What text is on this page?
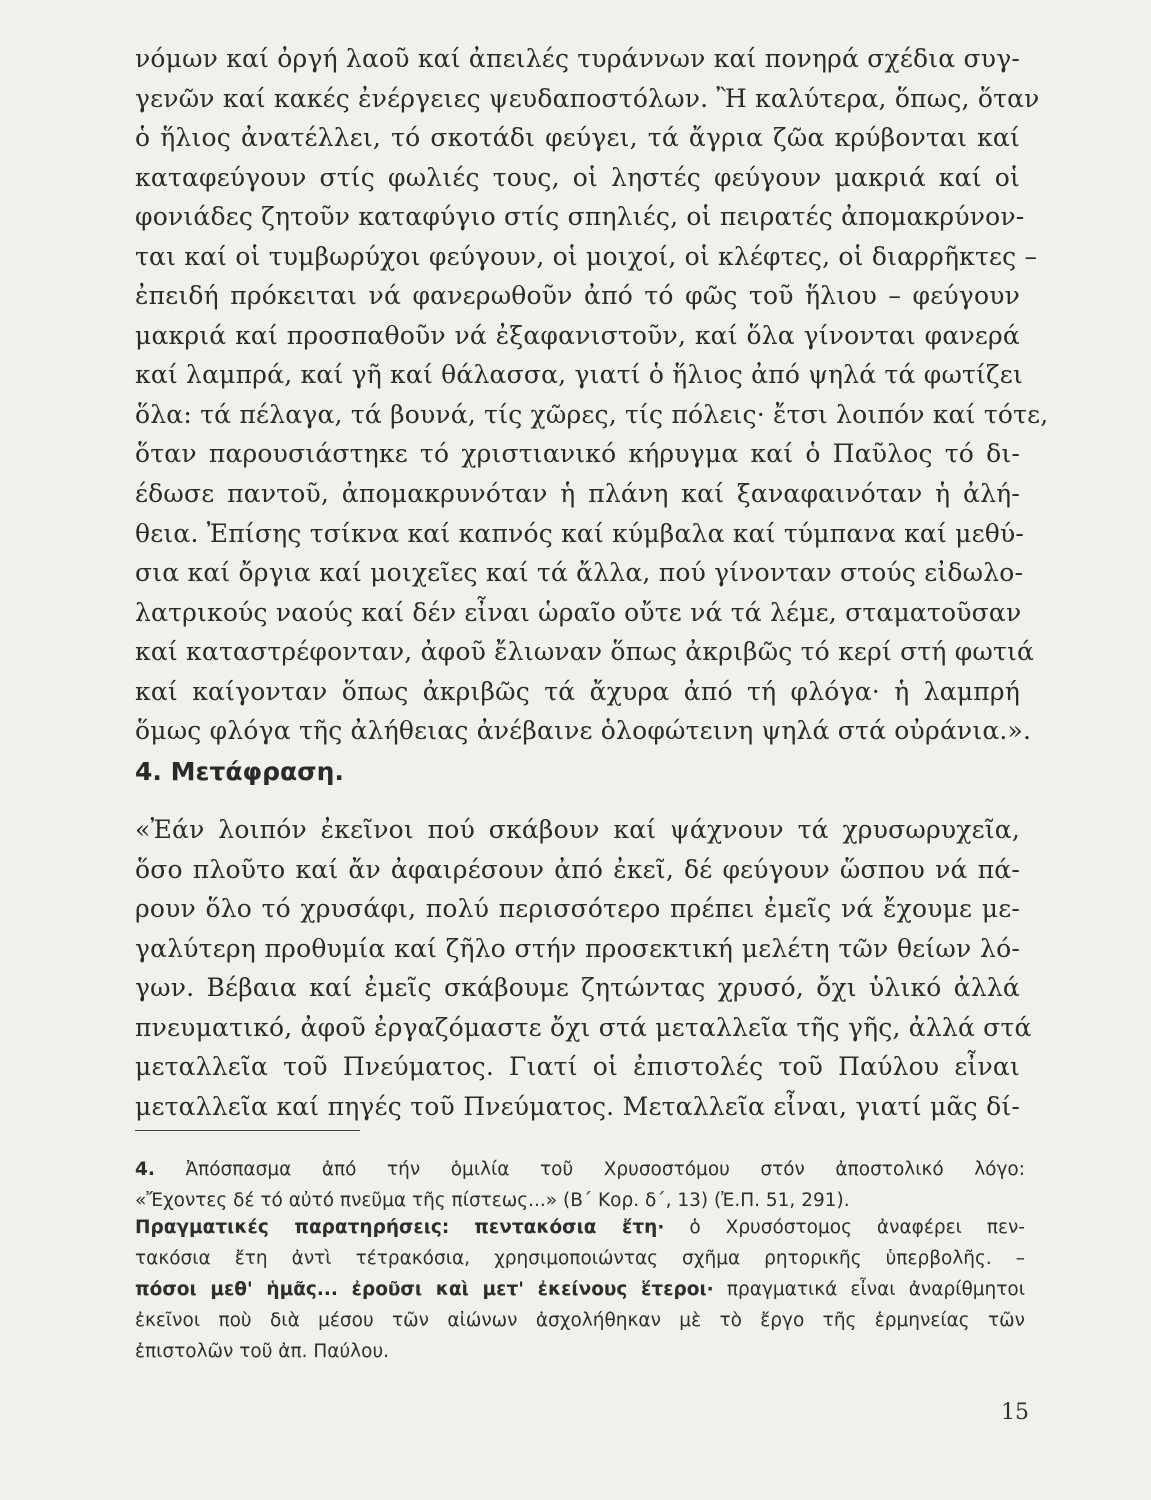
νόμων καί ὀργή λαοῦ καί ἀπειλές τυράννων καί πονηρά σχέδια συγ-
γενῶν καί κακές ἐνέργειες ψευδαποστόλων. Ἢ καλύτερα, ὅπως, ὅταν
ὁ ἥλιος ἀνατέλλει, τό σκοτάδι φεύγει, τά ἄγρια ζῶα κρύβονται καί
καταφεύγουν στίς φωλιές τους, οἱ ληστές φεύγουν μακριά καί οἱ
φονιάδες ζητοῦν καταφύγιο στίς σπηλιές, οἱ πειρατές ἀπομακρύνον-
ται καί οἱ τυμβωρύχοι φεύγουν, οἱ μοιχοί, οἱ κλέφτες, οἱ διαρρῆκτες –
ἐπειδή πρόκειται νά φανερωθοῦν ἀπό τό φῶς τοῦ ἥλιου – φεύγουν
μακριά καί προσπαθοῦν νά ἐξαφανιστοῦν, καί ὅλα γίνονται φανερά
καί λαμπρά, καί γῆ καί θάλασσα, γιατί ὁ ἥλιος ἀπό ψηλά τά φωτίζει
ὅλα: τά πέλαγα, τά βουνά, τίς χῶρες, τίς πόλεις· ἔτσι λοιπόν καί τότε,
ὅταν παρουσιάστηκε τό χριστιανικό κήρυγμα καί ὁ Παῦλος τό δι-
έδωσε παντοῦ, ἀπομακρυνόταν ἡ πλάνη καί ξαναφαινόταν ἡ ἀλή-
θεια. Ἐπίσης τσίκνα καί καπνός καί κύμβαλα καί τύμπανα καί μεθύ-
σια καί ὄργια καί μοιχεῖες καί τά ἄλλα, πού γίνονταν στούς εἰδωλο-
λατρικούς ναούς καί δέν εἶναι ὡραῖο οὔτε νά τά λέμε, σταματοῦσαν
καί καταστρέφονταν, ἀφοῦ ἔλιωναν ὅπως ἀκριβῶς τό κερί στή φωτιά
καί καίγονταν ὅπως ἀκριβῶς τά ἄχυρα ἀπό τή φλόγα· ἡ λαμπρή
ὅμως φλόγα τῆς ἀλήθειας ἀνέβαινε ὁλοφώτεινη ψηλά στά οὐράνια.».
4. Μετάφραση.
«Ἐάν λοιπόν ἐκεῖνοι πού σκάβουν καί ψάχνουν τά χρυσωρυχεῖα,
ὅσο πλοῦτο καί ἄν ἀφαιρέσουν ἀπό ἐκεῖ, δέ φεύγουν ὥσπου νά πά-
ρουν ὅλο τό χρυσάφι, πολύ περισσότερο πρέπει ἐμεῖς νά ἔχουμε με-
γαλύτερη προθυμία καί ζῆλο στήν προσεκτική μελέτη τῶν θείων λό-
γων. Βέβαια καί ἐμεῖς σκάβουμε ζητώντας χρυσό, ὄχι ὑλικό ἀλλά
πνευματικό, ἀφοῦ ἐργαζόμαστε ὄχι στά μεταλλεῖα τῆς γῆς, ἀλλά στά
μεταλλεῖα τοῦ Πνεύματος. Γιατί οἱ ἐπιστολές τοῦ Παύλου εἶναι
μεταλλεῖα καί πηγές τοῦ Πνεύματος. Μεταλλεῖα εἶναι, γιατί μᾶς δί-
4. Ἀπόσπασμα ἀπό τήν ὁμιλία τοῦ Χρυσοστόμου στόν ἀποστολικό λόγο:
«Ἔχοντες δέ τό αὐτό πνεῦμα τῆς πίστεως...» (Β΄ Κορ. δ΄, 13) (Ἐ.Π. 51, 291).
Πραγματικές παρατηρήσεις: πεντακόσια ἔτη· ὁ Χρυσόστομος ἀναφέρει πεν-
τακόσια ἔτη ἀντὶ τέτρακόσια, χρησιμοποιώντας σχῆμα ρητορικῆς ὑπερβολῆς. –
πόσοι μεθ' ἡμᾶς... ἐροῦσι καὶ μετ' ἐκείνους ἕτεροι· πραγματικά εἶναι ἀναρίθμητοι
ἐκεῖνοι ποὺ διὰ μέσου τῶν αἰώνων ἀσχολήθηκαν μὲ τὸ ἔργο τῆς ἑρμηνείας τῶν
ἐπιστολῶν τοῦ ἀπ. Παύλου.
15
